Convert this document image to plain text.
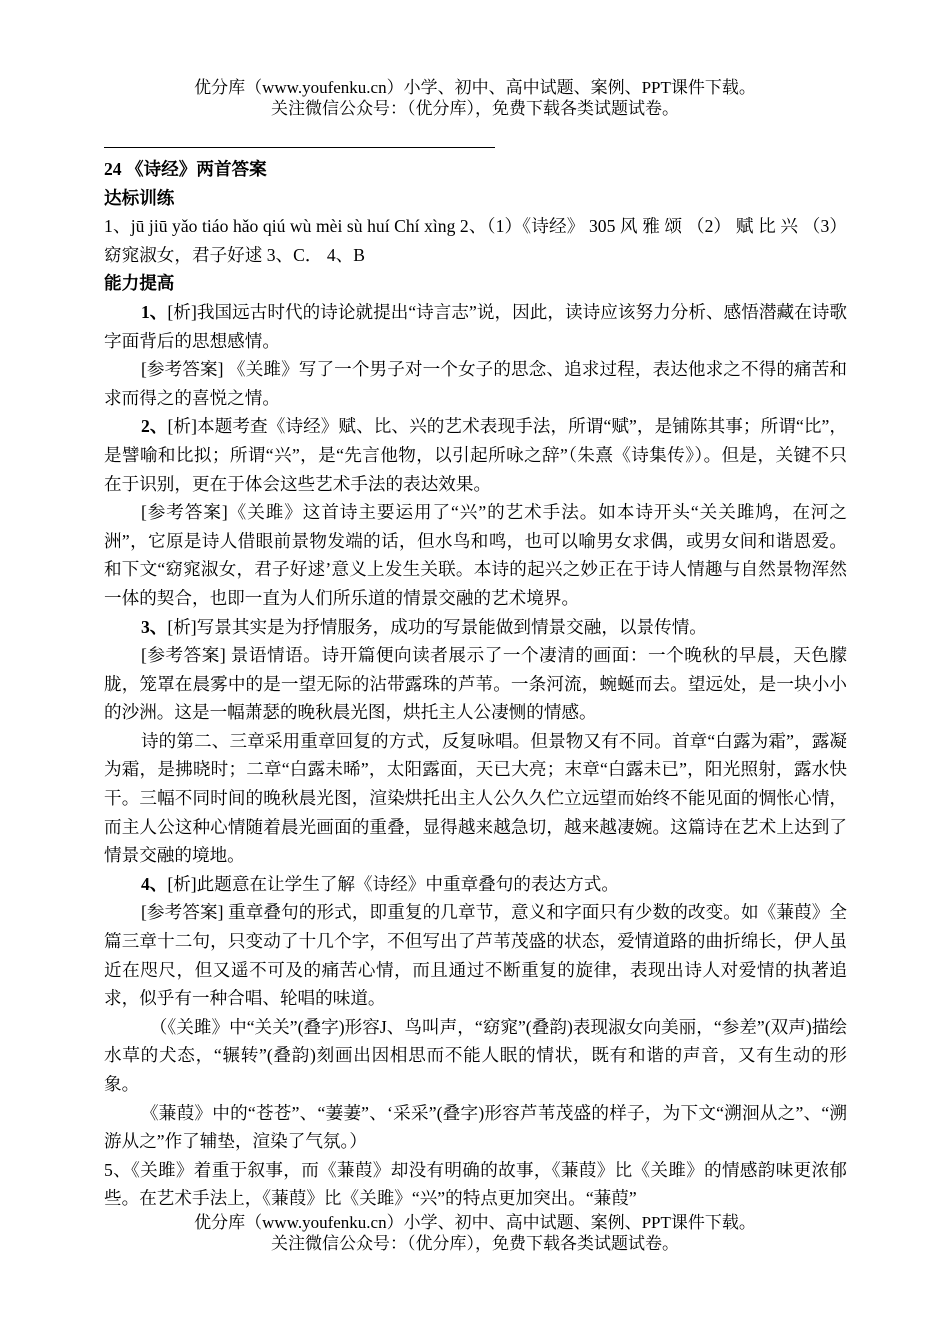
优分库（www.youfenku.cn）小学、初中、高中试题、案例、PPT课件下载。
关注微信公众号：（优分库），免费下载各类试题试卷。

24 《诗经》两首答案

达标训练

1、jū jiū yǎo tiáo hǎo qiú wù mèi sù huí Chí xìng 2、（1）《诗经》 305 风 雅 颂 （2） 赋 比 兴 （3）窈窕淑女，君子好逑 3、C． 4、B

能力提高

1、[析]我国远古时代的诗论就提出“诗言志”说，因此，读诗应该努力分析、感悟潜藏在诗歌字面背后的思想感情。

[参考答案] 《关雎》写了一个男子对一个女子的思念、追求过程，表达他求之不得的痛苦和求而得之的喜悦之情。

2、[析]本题考查《诗经》赋、比、兴的艺术表现手法，所谓“赋”，是铺陈其事；所谓“比”，是譬喻和比拟；所谓“兴”，是“先言他物，以引起所咏之辞”（朱熹《诗集传》）。但是，关键不只在于识别，更在于体会这些艺术手法的表达效果。

[参考答案]《关雎》这首诗主要运用了“兴”的艺术手法。如本诗开头“关关雎鸠，在河之洲”，它原是诗人借眼前景物发端的话，但水鸟和鸣，也可以喻男女求偶，或男女间和谐恩爱。和下文“窈窕淑女，君子好逑’意义上发生关联。本诗的起兴之妙正在于诗人情趣与自然景物浑然一体的契合，也即一直为人们所乐道的情景交融的艺术境界。

3、[析]写景其实是为抒情服务，成功的写景能做到情景交融，以景传情。

[参考答案] 景语情语。诗开篇便向读者展示了一个凄清的画面：一个晚秋的早晨，天色朦胧，笼罩在晨雾中的是一望无际的沾带露珠的芦苇。一条河流，蜿蜒而去。望远处，是一块小小的沙洲。这是一幅萧瑟的晚秋晨光图，烘托主人公凄恻的情感。

诗的第二、三章采用重章回复的方式，反复咏唱。但景物又有不同。首章“白露为霜”，露凝为霜，是拂晓时；二章“白露未晞”，太阳露面，天已大亮；末章“白露未已”，阳光照射，露水快干。三幅不同时间的晚秋晨光图，渲染烘托出主人公久久伫立远望而始终不能见面的惆怅心情， 而主人公这种心情随着晨光画面的重叠，显得越来越急切，越来越凄婉。这篇诗在艺术上达到了情景交融的境地。

4、[析]此题意在让学生了解《诗经》中重章叠句的表达方式。

[参考答案] 重章叠句的形式，即重复的几章节，意义和字面只有少数的改变。如《蒹葭》全篇三章十二句，只变动了十几个字，不但写出了芦苇茂盛的状态，爱情道路的曲折绵长，伊人虽近在咫尺，但又遥不可及的痛苦心情，而且通过不断重复的旋律，表现出诗人对爱情的执著追求，似乎有一种合唱、轮唱的味道。

（《关雎》中“关关”(叠字)形容J、鸟叫声，“窈窕”(叠韵)表现淑女向美丽，“参差”(双声)描绘水草的犬态，“辗转”(叠韵)刻画出因相思而不能人眠的情状，既有和谐的声音，又有生动的形象。

《蒹葭》中的“苍苍”、“萋萋”、‘采采”(叠字)形容芦苇茂盛的样子，为下文“溯洄从之”、“溯游从之”作了辅垫，渲染了气氛。）

5、《关雎》着重于叙事，而《蒹葭》却没有明确的故事，《蒹葭》比《关雎》的情感韵味更浓郁些。在艺术手法上，《蒹葭》比《关雎》“兴”的特点更加突出。“蒹葭”

优分库（www.youfenku.cn）小学、初中、高中试题、案例、PPT课件下载。
关注微信公众号：（优分库），免费下载各类试题试卷。
